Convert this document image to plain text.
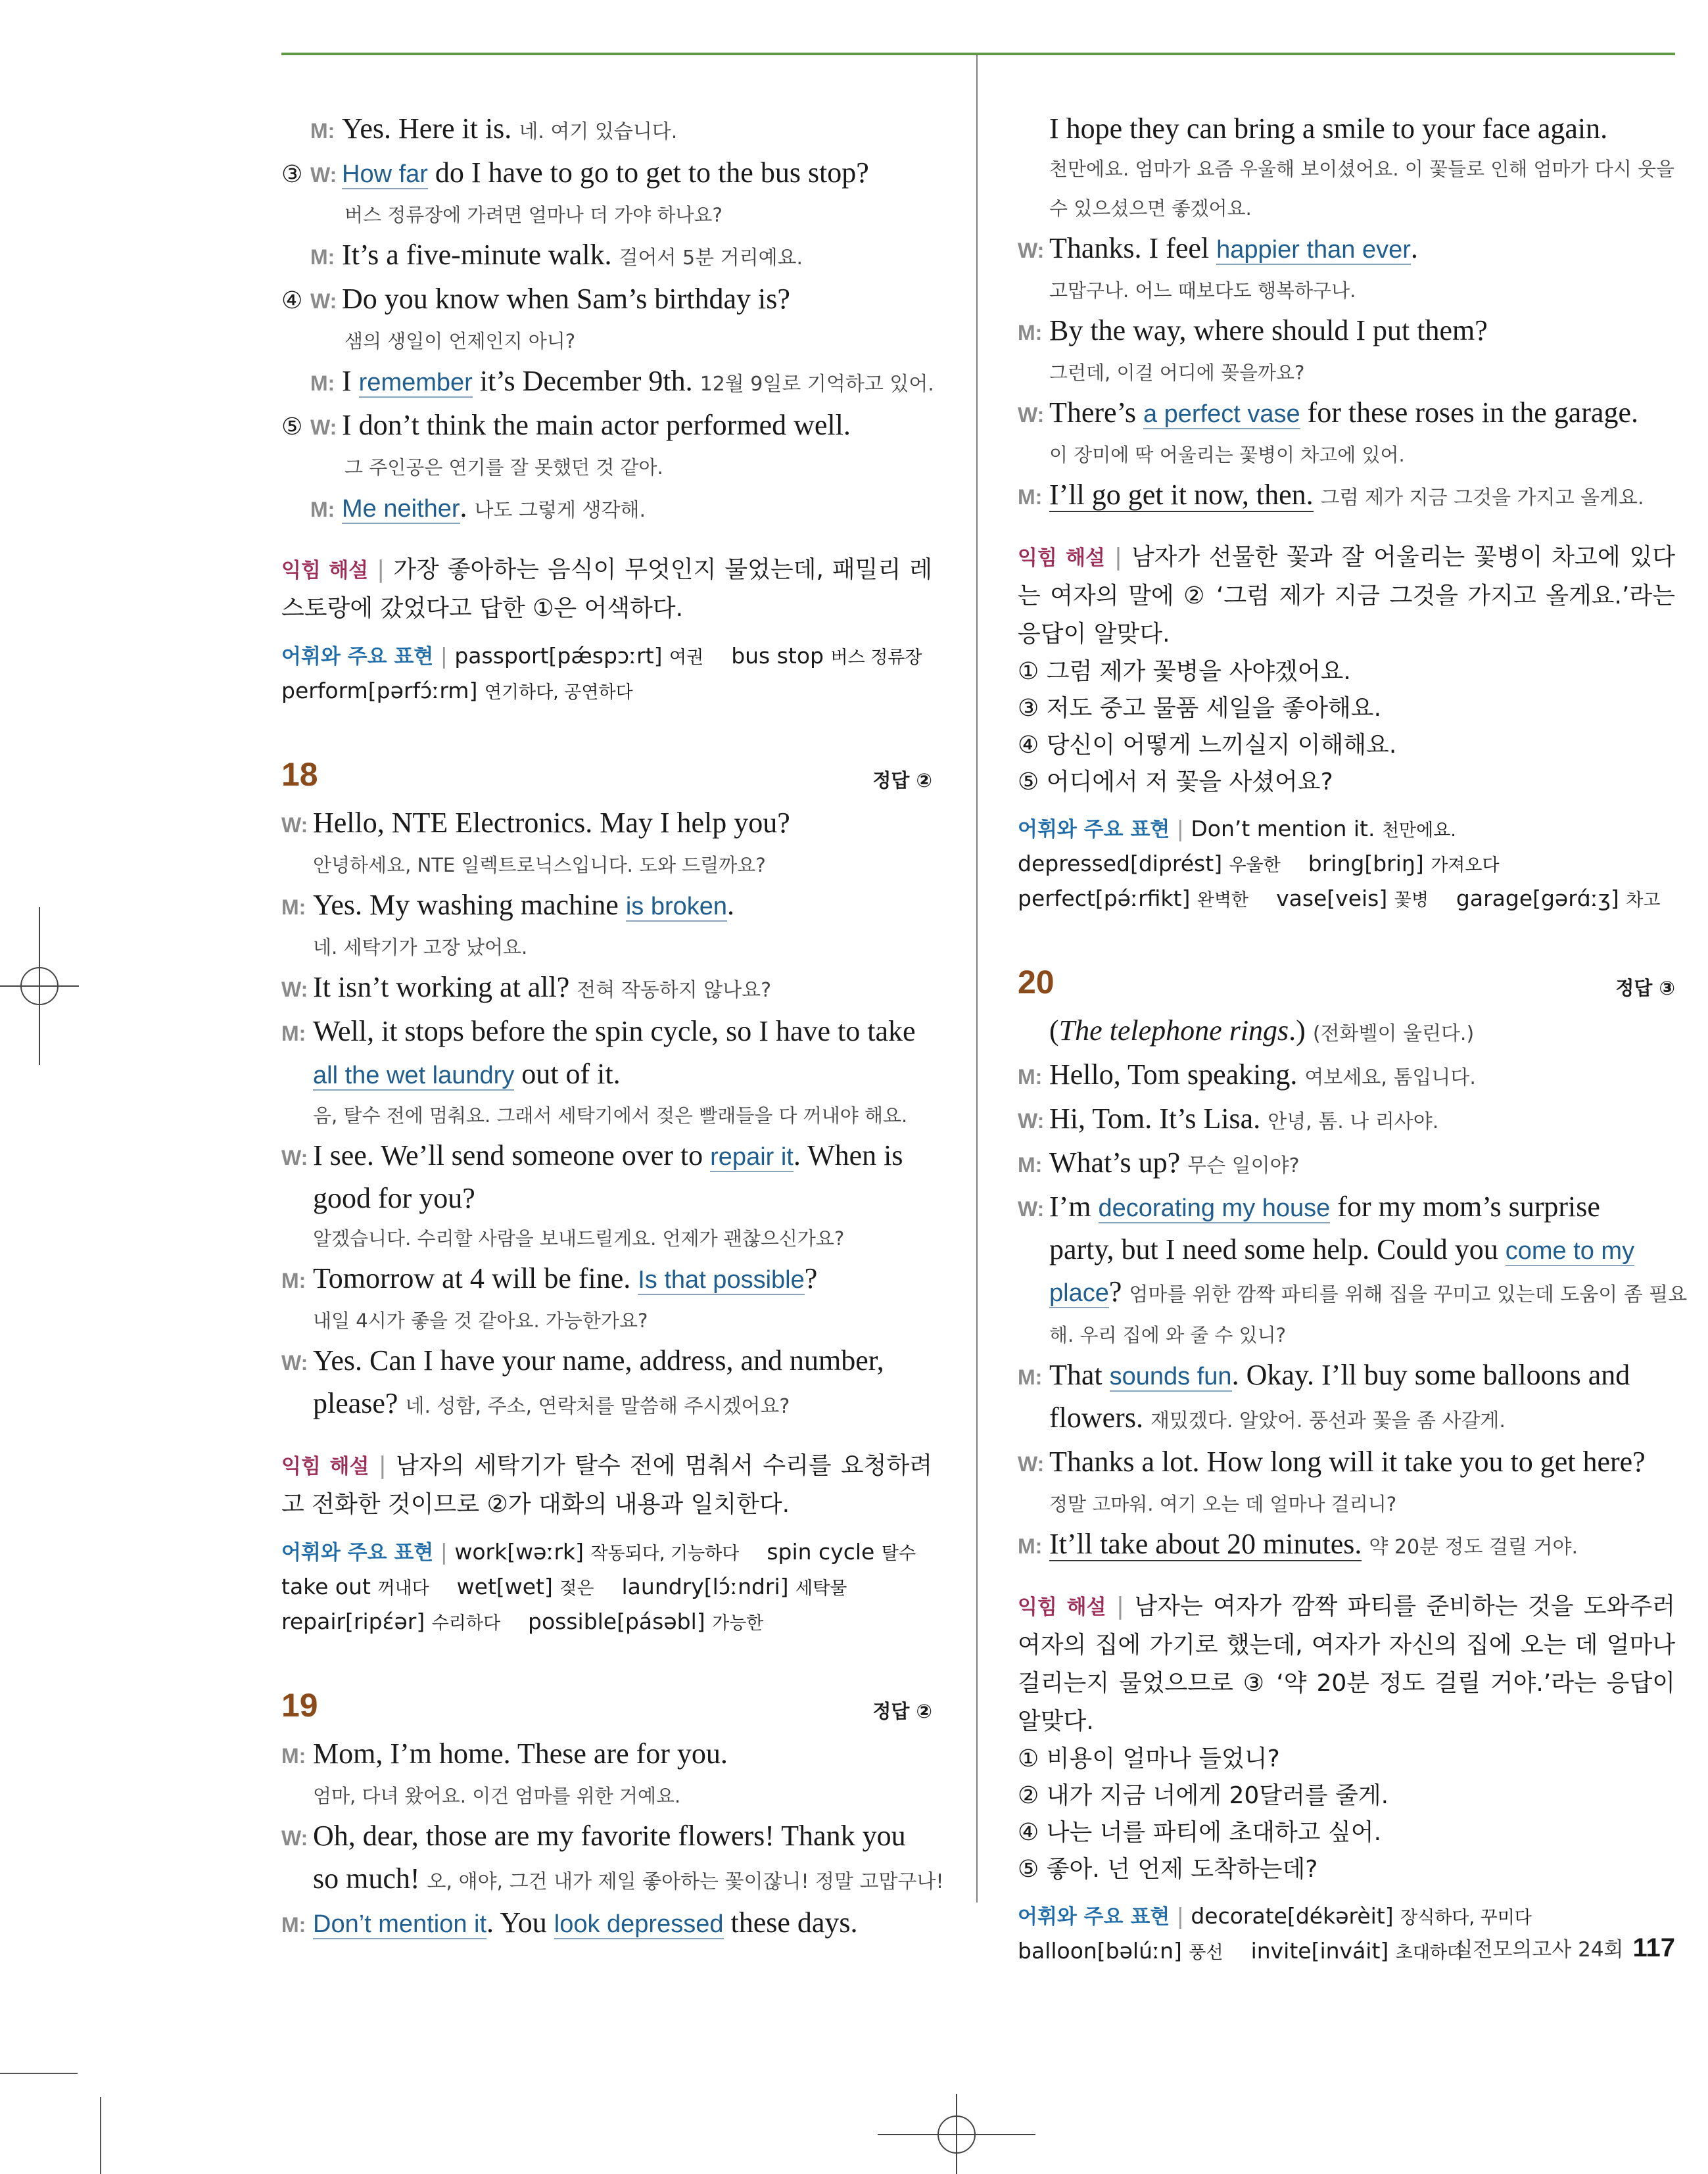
M: Yes. Here it is. 네. 여기 있습니다.
③ W: How far do I have to go to get to the bus stop?
버스 정류장에 가려면 얼마나 더 가야 하나요?
M: It’s a five-minute walk. 걸어서 5분 거리예요.
④ W: Do you know when Sam’s birthday is?
샘의 생일이 언제인지 아니?
M: I remember it’s December 9th. 12월 9일로 기억하고 있어.
⑤ W: I don’t think the main actor performed well.
그 주인공은 연기를 잘 못했던 것 같아.
M: Me neither. 나도 그렇게 생각해.
익힘 해설 | 가장 좋아하는 음식이 무엇인지 물었는데, 패밀리 레스토랑에 갔었다고 답한 ①은 어색하다.
어휘와 주요 표현 | passport[pǽspɔːrt] 여권 bus stop 버스 정류장
perform[pərfɔ́ːrm] 연기하다, 공연하다
18	정답 ②
W: Hello, NTE Electronics. May I help you?
안녕하세요, NTE 일렉트로닉스입니다. 도와 드릴까요?
M: Yes. My washing machine is broken.
네. 세탁기가 고장 났어요.
W: It isn’t working at all? 전혀 작동하지 않나요?
M: Well, it stops before the spin cycle, so I have to take
all the wet laundry out of it.
음, 탈수 전에 멈춰요. 그래서 세탁기에서 젖은 빨래들을 다 꺼내야 해요.
W: I see. We’ll send someone over to repair it. When is
good for you?
알겠습니다. 수리할 사람을 보내드릴게요. 언제가 괜찮으신가요?
M: Tomorrow at 4 will be fine. Is that possible?
내일 4시가 좋을 것 같아요. 가능한가요?
W: Yes. Can I have your name, address, and number,
please? 네. 성함, 주소, 연락처를 말씀해 주시겠어요?
익힘 해설 | 남자의 세탁기가 탈수 전에 멈춰서 수리를 요청하려고 전화한 것이므로 ②가 대화의 내용과 일치한다.
어휘와 주요 표현 | work[wəːrk] 작동되다, 기능하다 spin cycle 탈수
take out 꺼내다 wet[wet] 젖은 laundry[lɔ́ːndri] 세탁물
repair[ripέər] 수리하다 possible[pásəbl] 가능한
19	정답 ②
M: Mom, I’m home. These are for you.
엄마, 다녀 왔어요. 이건 엄마를 위한 거예요.
W: Oh, dear, those are my favorite flowers! Thank you
so much! 오, 얘야, 그건 내가 제일 좋아하는 꽃이잖니! 정말 고맙구나!
M: Don’t mention it. You look depressed these days.
I hope they can bring a smile to your face again.
천만에요. 엄마가 요즘 우울해 보이셨어요. 이 꽃들로 인해 엄마가 다시 웃을 수 있으셨으면 좋겠어요.
W: Thanks. I feel happier than ever.
고맙구나. 어느 때보다도 행복하구나.
M: By the way, where should I put them?
그런데, 이걸 어디에 꽂을까요?
W: There’s a perfect vase for these roses in the garage.
이 장미에 딱 어울리는 꽃병이 차고에 있어.
M: I’ll go get it now, then. 그럼 제가 지금 그것을 가지고 올게요.
익힘 해설 | 남자가 선물한 꽃과 잘 어울리는 꽃병이 차고에 있다는 여자의 말에 ② ‘그럼 제가 지금 그것을 가지고 올게요.’라는 응답이 알맞다.
① 그럼 제가 꽃병을 사야겠어요.
③ 저도 중고 물품 세일을 좋아해요.
④ 당신이 어떻게 느끼실지 이해해요.
⑤ 어디에서 저 꽃을 사셨어요?
어휘와 주요 표현 | Don’t mention it. 천만에요.
depressed[diprést] 우울한 bring[briŋ] 가져오다
perfect[pə́ːrfikt] 완벽한 vase[veis] 꽃병 garage[gərɑ́ːʒ] 차고
20	정답 ③
(The telephone rings.) (전화벨이 울린다.)
M: Hello, Tom speaking. 여보세요, 톰입니다.
W: Hi, Tom. It’s Lisa. 안녕, 톰. 나 리사야.
M: What’s up? 무슨 일이야?
W: I’m decorating my house for my mom’s surprise
party, but I need some help. Could you come to my
place? 엄마를 위한 깜짝 파티를 위해 집을 꾸미고 있는데 도움이 좀 필요
해. 우리 집에 와 줄 수 있니?
M: That sounds fun. Okay. I’ll buy some balloons and
flowers. 재밌겠다. 알았어. 풍선과 꽃을 좀 사갈게.
W: Thanks a lot. How long will it take you to get here?
정말 고마워. 여기 오는 데 얼마나 걸리니?
M: It’ll take about 20 minutes. 약 20분 정도 걸릴 거야.
익힘 해설 | 남자는 여자가 깜짝 파티를 준비하는 것을 도와주러 여자의 집에 가기로 했는데, 여자가 자신의 집에 오는 데 얼마나 걸리는지 물었으므로 ③ ‘약 20분 정도 걸릴 거야.’라는 응답이 알맞다.
① 비용이 얼마나 들었니?
② 내가 지금 너에게 20달러를 줄게.
④ 나는 너를 파티에 초대하고 싶어.
⑤ 좋아. 넌 언제 도착하는데?
어휘와 주요 표현 | decorate[dékərèit] 장식하다, 꾸미다
balloon[bəlúːn] 풍선 invite[inváit] 초대하다
실전모의고사 24회 117
